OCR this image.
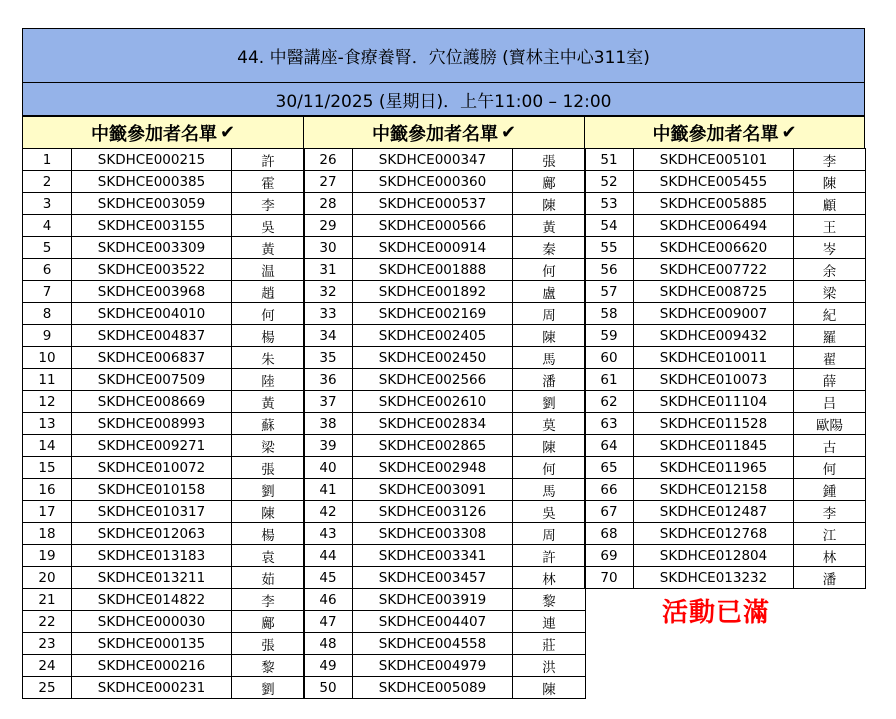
44. 中醫講座-食療養腎．穴位護膀 (寶林主中心311室)
30/11/2025 (星期日)．上午11:00 – 12:00
中籤參加者名單 ✔	中籤參加者名單 ✔	中籤參加者名單 ✔
1	SKDHCE000215	許
2	SKDHCE000385	霍
3	SKDHCE003059	李
4	SKDHCE003155	吳
5	SKDHCE003309	黃
6	SKDHCE003522	温
7	SKDHCE003968	趙
8	SKDHCE004010	何
9	SKDHCE004837	楊
10	SKDHCE006837	朱
11	SKDHCE007509	陸
12	SKDHCE008669	黃
13	SKDHCE008993	蘇
14	SKDHCE009271	梁
15	SKDHCE010072	張
16	SKDHCE010158	劉
17	SKDHCE010317	陳
18	SKDHCE012063	楊
19	SKDHCE013183	袁
20	SKDHCE013211	茹
21	SKDHCE014822	李
22	SKDHCE000030	鄺
23	SKDHCE000135	張
24	SKDHCE000216	黎
25	SKDHCE000231	劉
26	SKDHCE000347	張
27	SKDHCE000360	鄺
28	SKDHCE000537	陳
29	SKDHCE000566	黃
30	SKDHCE000914	秦
31	SKDHCE001888	何
32	SKDHCE001892	盧
33	SKDHCE002169	周
34	SKDHCE002405	陳
35	SKDHCE002450	馬
36	SKDHCE002566	潘
37	SKDHCE002610	劉
38	SKDHCE002834	莫
39	SKDHCE002865	陳
40	SKDHCE002948	何
41	SKDHCE003091	馬
42	SKDHCE003126	吳
43	SKDHCE003308	周
44	SKDHCE003341	許
45	SKDHCE003457	林
46	SKDHCE003919	黎
47	SKDHCE004407	連
48	SKDHCE004558	莊
49	SKDHCE004979	洪
50	SKDHCE005089	陳
51	SKDHCE005101	李
52	SKDHCE005455	陳
53	SKDHCE005885	顧
54	SKDHCE006494	王
55	SKDHCE006620	岑
56	SKDHCE007722	余
57	SKDHCE008725	梁
58	SKDHCE009007	紀
59	SKDHCE009432	羅
60	SKDHCE010011	翟
61	SKDHCE010073	薛
62	SKDHCE011104	吕
63	SKDHCE011528	歐陽
64	SKDHCE011845	古
65	SKDHCE011965	何
66	SKDHCE012158	鍾
67	SKDHCE012487	李
68	SKDHCE012768	江
69	SKDHCE012804	林
70	SKDHCE013232	潘
活動已滿
